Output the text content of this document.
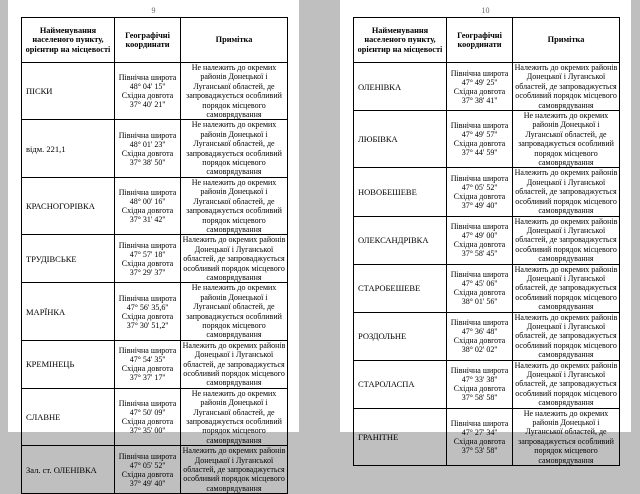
9
Найменування населеного пункту, орієнтир на місцевості	Географічні координати	Примітка
ПІСКИ	Північна широта
48° 04' 15''
Східна довгота
37° 40' 21''	Не належить до окремих районів Донецької і Луганської областей, де запроваджується особливий порядок місцевого самоврядування
відм. 221,1	Північна широта
48° 01' 23''
Східна довгота
37° 38' 50''	Не належить до окремих районів Донецької і Луганської областей, де запроваджується особливий порядок місцевого самоврядування
КРАСНОГОРІВКА	Північна широта
48° 00' 16''
Східна довгота
37° 31' 42''	Не належить до окремих районів Донецької і Луганської областей, де запроваджується особливий порядок місцевого самоврядування
ТРУДІВСЬКЕ	Північна широта
47° 57' 18''
Східна довгота
37° 29' 37''	Належить до окремих районів Донецької і Луганської областей, де запроваджується особливий порядок місцевого самоврядування
МАРЇНКА	Північна широта
47° 56' 35,6''
Східна довгота
37° 30' 51,2''	Не належить до окремих районів Донецької і Луганської областей, де запроваджується особливий порядок місцевого самоврядування
КРЕМІНЕЦЬ	Північна широта
47° 54' 35''
Східна довгота
37° 37' 17''	Належить до окремих районів Донецької і Луганської областей, де запроваджується особливий порядок місцевого самоврядування
СЛАВНЕ	Північна широта
47° 50' 09''
Східна довгота
37° 35' 00''	Не належить до окремих районів Донецької і Луганської областей, де запроваджується особливий порядок місцевого самоврядування
Зал. ст. ОЛЕНІВКА	Північна широта
47° 05' 52''
Східна довгота
37° 49' 40''	Належить до окремих районів Донецької і Луганської областей, де запроваджується особливий порядок місцевого самоврядування
10
Найменування населеного пункту, орієнтир на місцевості	Географічні координати	Примітка
ОЛЕНІВКА	Північна широта
47° 49' 25''
Східна довгота
37° 38' 41''	Належить до окремих районів Донецької і Луганської областей, де запроваджується особливий порядок місцевого самоврядування
ЛЮБІВКА	Північна широта
47° 49' 57''
Східна довгота
37° 44' 59''	Не належить до окремих районів Донецької і Луганської областей, де запроваджується особливий порядок місцевого самоврядування
НОВОБЕШЕВЕ	Північна широта
47° 05' 52''
Східна довгота
37° 49' 40''	Належить до окремих районів Донецької і Луганської областей, де запроваджується особливий порядок місцевого самоврядування
ОЛЕКСАНДРІВКА	Північна широта
47° 49' 00''
Східна довгота
37° 58' 45''	Належить до окремих районів Донецької і Луганської областей, де запроваджується особливий порядок місцевого самоврядування
СТАРОБЕШЕВЕ	Північна широта
47° 45' 06''
Східна довгота
38° 01' 56''	Належить до окремих районів Донецької і Луганської областей, де запроваджується особливий порядок місцевого самоврядування
РОЗДОЛЬНЕ	Північна широта
47° 36' 48''
Східна довгота
38° 02' 02''	Належить до окремих районів Донецької і Луганської областей, де запроваджується особливий порядок місцевого самоврядування
СТАРОЛАСПА	Північна широта
47° 33' 38''
Східна довгота
37° 58' 58''	Належить до окремих районів Донецької і Луганської областей, де запроваджується особливий порядок місцевого самоврядування
ГРАНІТНЕ	Північна широта
47° 27' 34''
Східна довгота
37° 53' 58''	Не належить до окремих районів Донецької і Луганської областей, де запроваджується особливий порядок місцевого самоврядування
